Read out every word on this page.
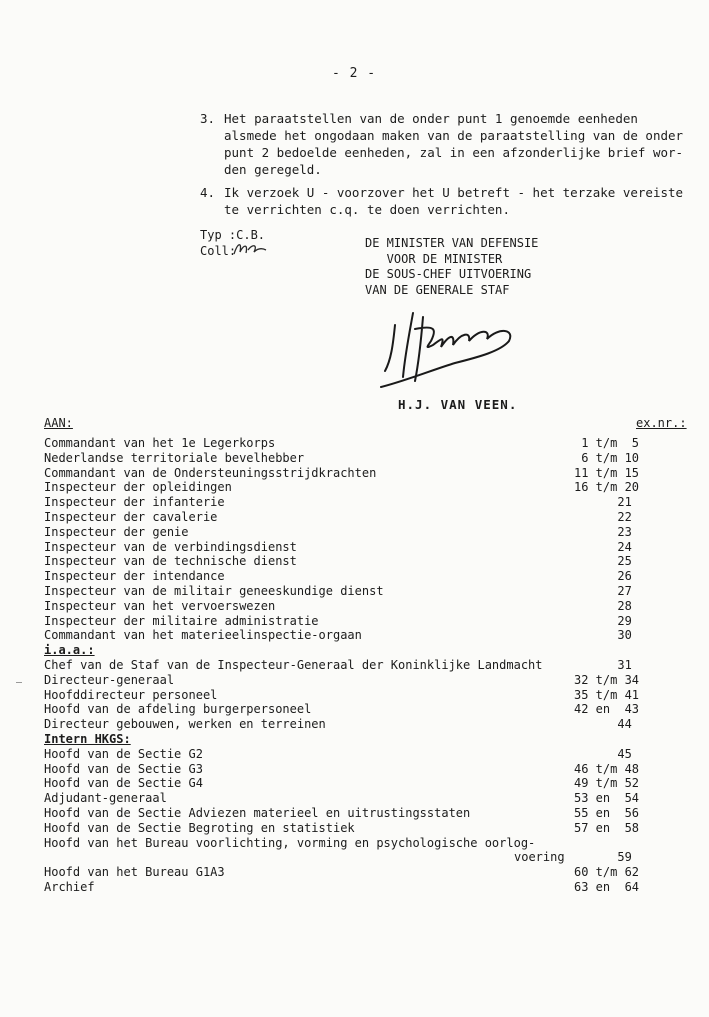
- 2 -
3. Het paraatstellen van de onder punt 1 genoemde eenheden
alsmede het ongodaan maken van de paraatstelling van de onder
punt 2 bedoelde eenheden, zal in een afzonderlijke brief wor-
den geregeld.
4. Ik verzoek U - voorzover het U betreft - het terzake vereiste
te verrichten c.q. te doen verrichten.
Typ :C.B.
Coll:
DE MINISTER VAN DEFENSIE
VOOR DE MINISTER
DE SOUS-CHEF UITVOERING
VAN DE GENERALE STAF
H.J. VAN VEEN.
AAN:	ex.nr.:
Commandant van het 1e Legerkorps	1 t/m  5
Nederlandse territoriale bevelhebber	6 t/m 10
Commandant van de Ondersteuningsstrijdkrachten	11 t/m 15
Inspecteur der opleidingen	16 t/m 20
Inspecteur der infanterie	21
Inspecteur der cavalerie	22
Inspecteur der genie	23
Inspecteur van de verbindingsdienst	24
Inspecteur van de technische dienst	25
Inspecteur der intendance	26
Inspecteur van de militair geneeskundige dienst	27
Inspecteur van het vervoerswezen	28
Inspecteur der militaire administratie	29
Commandant van het materieelinspectie-orgaan	30
i.a.a.:
Chef van de Staf van de Inspecteur-Generaal der Koninklijke Landmacht	31
Directeur-generaal	32 t/m 34
Hoofddirecteur personeel	35 t/m 41
Hoofd van de afdeling burgerpersoneel	42 en  43
Directeur gebouwen, werken en terreinen	44
Intern HKGS:
Hoofd van de Sectie G2	45
Hoofd van de Sectie G3	46 t/m 48
Hoofd van de Sectie G4	49 t/m 52
Adjudant-generaal	53 en  54
Hoofd van de Sectie Adviezen materieel en uitrustingsstaten	55 en  56
Hoofd van de Sectie Begroting en statistiek	57 en  58
Hoofd van het Bureau voorlichting, vorming en psychologische oorlog-
voering 59
Hoofd van het Bureau G1A3	60 t/m 62
Archief	63 en  64
